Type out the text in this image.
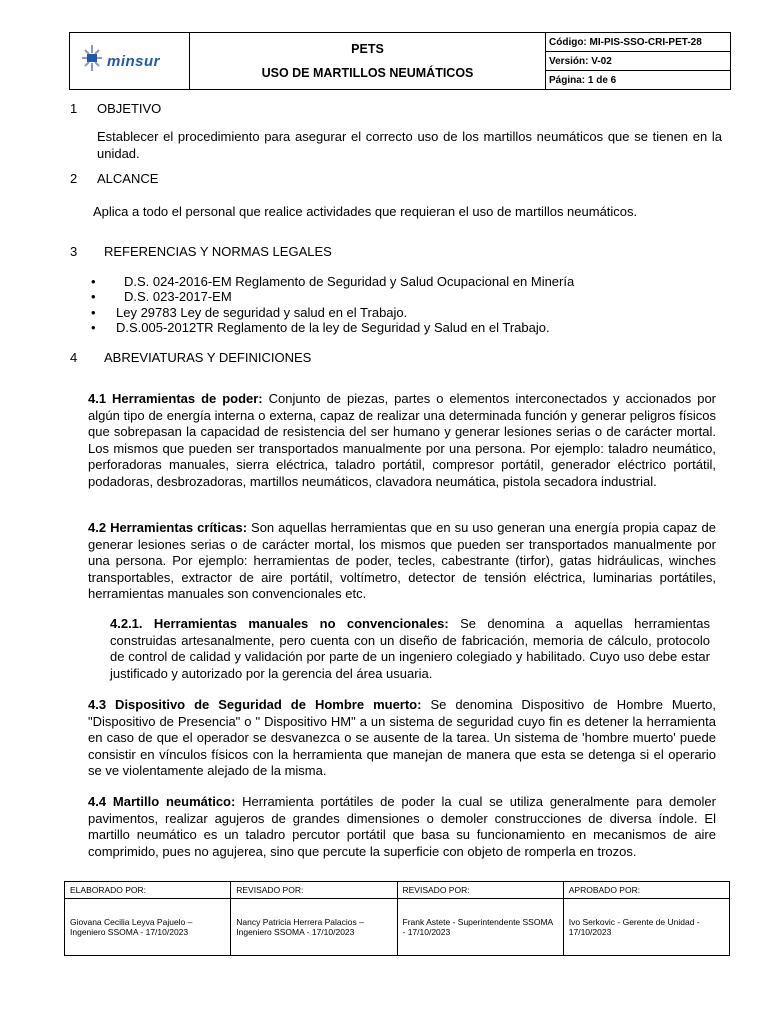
minsur

PETS
USO DE MARTILLOS NEUMÁTICOS
	Código: MI-PIS-SSO-CRI-PET-28
Versión: V-02
Página: 1 de 6
1 OBJETIVO
Establecer el procedimiento para asegurar el correcto uso de los martillos neumáticos que se tienen en la unidad.
2 ALCANCE
Aplica a todo el personal que realice actividades que requieran el uso de martillos neumáticos.
3 REFERENCIAS Y NORMAS LEGALES
• D.S. 024-2016-EM Reglamento de Seguridad y Salud Ocupacional en Minería
• D.S. 023-2017-EM
• Ley 29783 Ley de seguridad y salud en el Trabajo.
• D.S.005-2012TR Reglamento de la ley de Seguridad y Salud en el Trabajo.
4 ABREVIATURAS Y DEFINICIONES
4.1 Herramientas de poder: Conjunto de piezas, partes o elementos interconectados y accionados por algún tipo de energía interna o externa, capaz de realizar una determinada función y generar peligros físicos que sobrepasan la capacidad de resistencia del ser humano y generar lesiones serias o de carácter mortal. Los mismos que pueden ser transportados manualmente por una persona. Por ejemplo: taladro neumático, perforadoras manuales, sierra eléctrica, taladro portátil, compresor portátil, generador eléctrico portátil, podadoras, desbrozadoras, martillos neumáticos, clavadora neumática, pistola secadora industrial.
4.2 Herramientas críticas: Son aquellas herramientas que en su uso generan una energía propia capaz de generar lesiones serias o de carácter mortal, los mismos que pueden ser transportados manualmente por una persona. Por ejemplo: herramientas de poder, tecles, cabestrante (tirfor), gatas hidráulicas, winches transportables, extractor de aire portátil, voltímetro, detector de tensión eléctrica, luminarias portátiles, herramientas manuales son convencionales etc.
4.2.1. Herramientas manuales no convencionales: Se denomina a aquellas herramientas construidas artesanalmente, pero cuenta con un diseño de fabricación, memoria de cálculo, protocolo de control de calidad y validación por parte de un ingeniero colegiado y habilitado. Cuyo uso debe estar justificado y autorizado por la gerencia del área usuaria.
4.3 Dispositivo de Seguridad de Hombre muerto: Se denomina Dispositivo de Hombre Muerto, "Dispositivo de Presencia" o " Dispositivo HM" a un sistema de seguridad cuyo fin es detener la herramienta en caso de que el operador se desvanezca o se ausente de la tarea. Un sistema de 'hombre muerto' puede consistir en vínculos físicos con la herramienta que manejan de manera que esta se detenga si el operario se ve violentamente alejado de la misma.
4.4 Martillo neumático: Herramienta portátiles de poder la cual se utiliza generalmente para demoler pavimentos, realizar agujeros de grandes dimensiones o demoler construcciones de diversa índole. El martillo neumático es un taladro percutor portátil que basa su funcionamiento en mecanismos de aire comprimido, pues no agujerea, sino que percute la superficie con objeto de romperla en trozos.
ELABORADO POR:	REVISADO POR:	REVISADO POR:	APROBADO POR:
Giovana Cecilia Leyva Pajuelo – Ingeniero SSOMA - 17/10/2023	Nancy Patricia Herrera Palacios – Ingeniero SSOMA - 17/10/2023	Frank Astete - Superintendente SSOMA - 17/10/2023	Ivo Serkovic - Gerente de Unidad - 17/10/2023
